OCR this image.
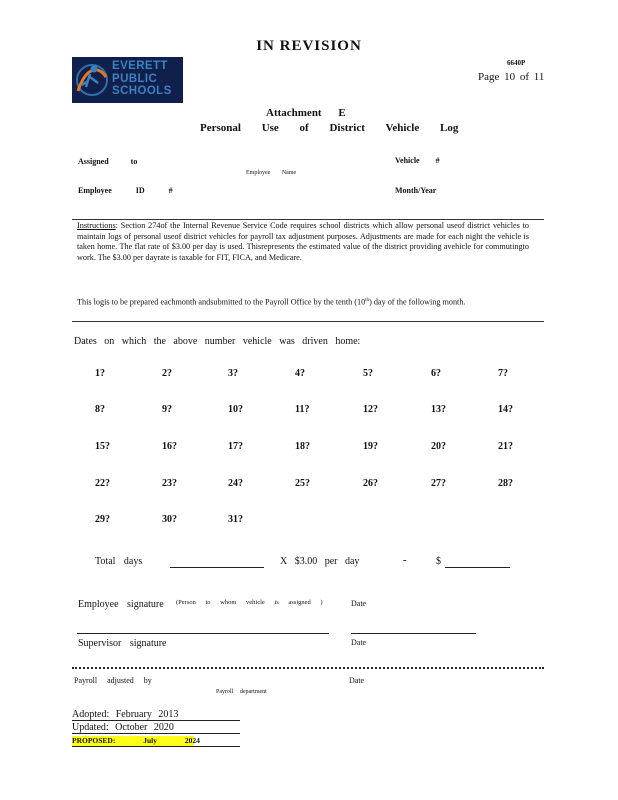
IN REVISION
EVERETT
PUBLIC
SCHOOLS
6640P
Page 10 of 11
Attachment E
Personal Use of District Vehicle Log
Assigned to
Employee Name
Employee ID #
Vehicle #
Month/Year
Instructions: Section 274of the Internal Revenue Service Code requires school districts which allow personal useof district vehicles to maintain logs of personal useof district vehicles for payroll tax adjustment purposes. Adjustments are made for each night the vehicle is taken home. The flat rate of $3.00 per day is used. Thisrepresents the estimated value of the district providing avehicle for commutingto work. The $3.00 per dayrate is taxable for FIT, FICA, and Medicare.
This logis to be prepared eachmonth andsubmitted to the Payroll Office by the tenth (10th) day of the following month.
Dates on which the above number vehicle was driven home:
1?	2?	3?	4?	5?	6?	7?
8?	9?	10?	11?	12?	13?	14?
15?	16?	17?	18?	19?	20?	21?
22?	23?	24?	25?	26?	27?	28?
29?	30?	31?
Total days	X $3.00 per day	-	$
Employee signature (Person to whom vehicle is assigned )	Date
Supervisor signature	Date
Payroll adjusted by
Payroll department
Date
Adopted: February 2013
Updated: October 2020
PROPOSED: July 2024
